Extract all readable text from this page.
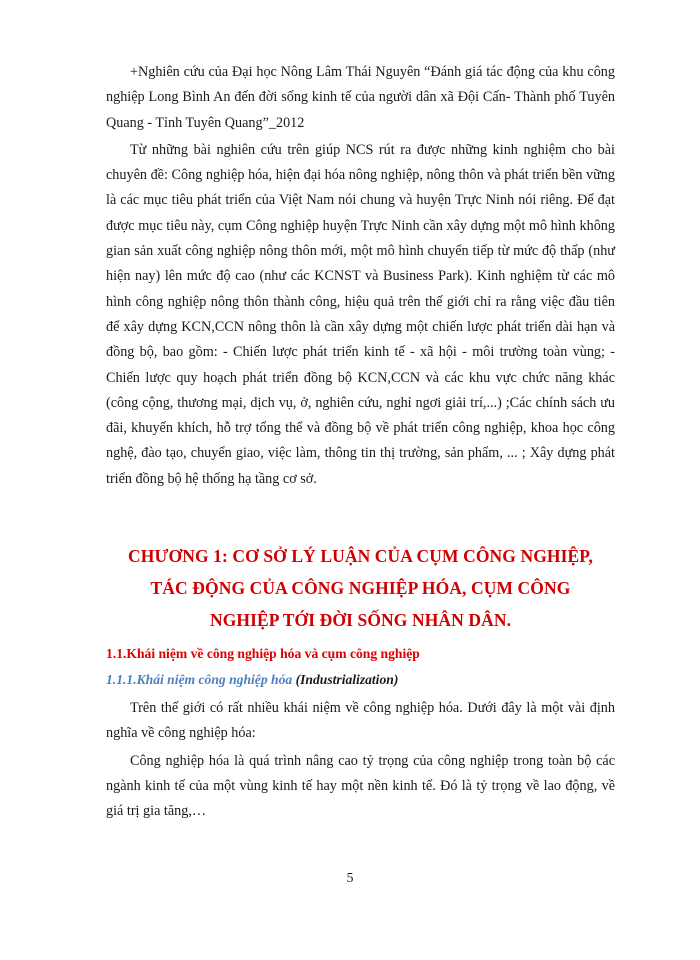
+Nghiên cứu của Đại học Nông Lâm Thái Nguyên “Đánh giá tác động của khu công nghiệp Long Bình An đến đời sống kinh tế của người dân xã Đội Cấn- Thành phố Tuyên Quang - Tỉnh Tuyên Quang”_2012

Từ những bài nghiên cứu trên giúp NCS rút ra được những kinh nghiệm cho bài chuyên đề: Công nghiệp hóa, hiện đại hóa nông nghiệp, nông thôn và phát triển bền vững là các mục tiêu phát triển của Việt Nam nói chung và huyện Trực Ninh nói riêng. Để đạt được mục tiêu này, cụm Công nghiệp huyện Trực Ninh cần xây dựng một mô hình không gian sản xuất công nghiệp nông thôn mới, một mô hình chuyển tiếp từ mức độ thấp (như hiện nay) lên mức độ cao (như các KCNST và Business Park). Kinh nghiệm từ các mô hình công nghiệp nông thôn thành công, hiệu quả trên thế giới chỉ ra rằng việc đầu tiên để xây dựng KCN,CCN nông thôn là cần xây dựng một chiến lược phát triển dài hạn và đồng bộ, bao gồm: - Chiến lược phát triển kinh tế - xã hội - môi trường toàn vùng; - Chiến lược quy hoạch phát triển đồng bộ KCN,CCN và các khu vực chức năng khác (công cộng, thương mại, dịch vụ, ở, nghiên cứu, nghỉ ngơi giải trí,...) ;Các chính sách ưu đãi, khuyến khích, hỗ trợ tổng thể và đồng bộ về phát triển công nghiệp, khoa học công nghệ, đào tạo, chuyển giao, việc làm, thông tin thị trường, sản phẩm, ... ; Xây dựng phát triển đồng bộ hệ thống hạ tầng cơ sở.

CHƯƠNG 1: CƠ SỞ LÝ LUẬN CỦA CỤM CÔNG NGHIỆP,
TÁC ĐỘNG CỦA CÔNG NGHIỆP HÓA, CỤM CÔNG
NGHIỆP TỚI ĐỜI SỐNG NHÂN DÂN.
1.1.Khái niệm về công nghiệp hóa và cụm công nghiệp
1.1.1.Khái niệm công nghiệp hóa (Industrialization)

Trên thế giới có rất nhiều khái niệm về công nghiệp hóa. Dưới đây là một vài định nghĩa về công nghiệp hóa:

Công nghiệp hóa là quá trình nâng cao tỷ trọng của công nghiệp trong toàn bộ các ngành kinh tế của một vùng kinh tế hay một nền kinh tế. Đó là tỷ trọng về lao động, về giá trị gia tăng,…

5
